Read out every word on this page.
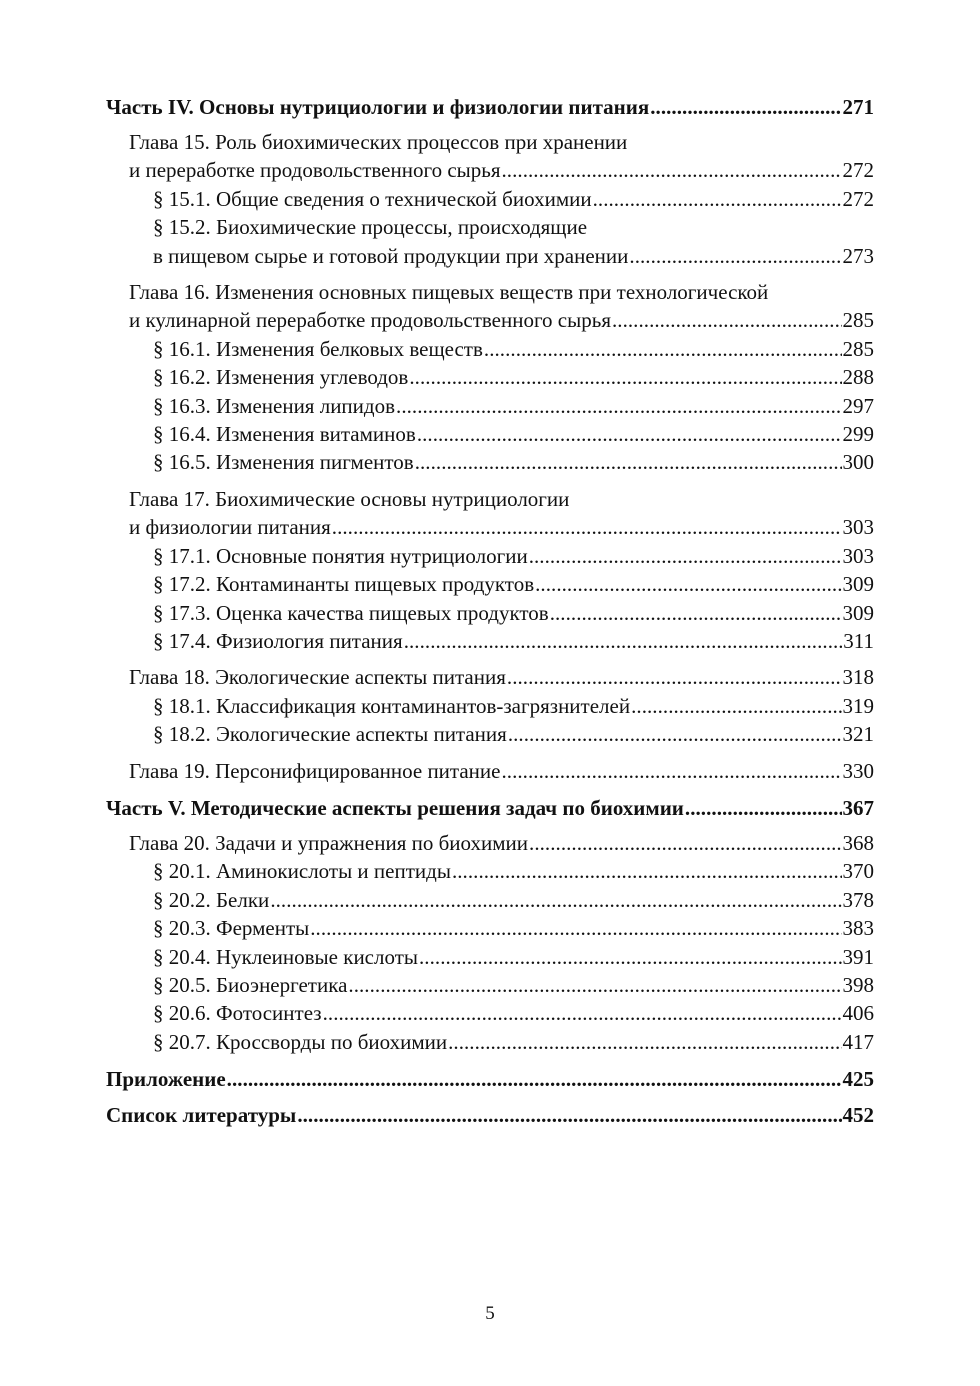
Часть IV. Основы нутрициологии и физиологии питания . . .	271
Глава 15. Роль биохимических процессов при хранении
и переработке продовольственного сырья . . .	272
§ 15.1. Общие сведения о технической биохимии . . .	272
§ 15.2. Биохимические процессы, происходящие
в пищевом сырье и готовой продукции при хранении . . .	273
Глава 16. Изменения основных пищевых веществ при технологической
и кулинарной переработке продовольственного сырья . . .	285
§ 16.1. Изменения белковых веществ . . .	285
§ 16.2. Изменения углеводов . . .	288
§ 16.3. Изменения липидов . . .	297
§ 16.4. Изменения витаминов . . .	299
§ 16.5. Изменения пигментов . . .	300
Глава 17. Биохимические основы нутрициологии
и физиологии питания . . .	303
§ 17.1. Основные понятия нутрициологии . . .	303
§ 17.2. Контаминанты пищевых продуктов . . .	309
§ 17.3. Оценка качества пищевых продуктов . . .	309
§ 17.4. Физиология питания . . .	311
Глава 18. Экологические аспекты питания . . .	318
§ 18.1. Классификация контаминантов-загрязнителей . . .	319
§ 18.2. Экологические аспекты питания . . .	321
Глава 19. Персонифицированное питание . . .	330
Часть V. Методические аспекты решения задач по биохимии . . .	367
Глава 20. Задачи и упражнения по биохимии . . .	368
§ 20.1. Аминокислоты и пептиды . . .	370
§ 20.2. Белки . . .	378
§ 20.3. Ферменты . . .	383
§ 20.4. Нуклеиновые кислоты . . .	391
§ 20.5. Биоэнергетика . . .	398
§ 20.6. Фотосинтез . . .	406
§ 20.7. Кроссворды по биохимии . . .	417
Приложение . . .	425
Список литературы . . .	452
5
